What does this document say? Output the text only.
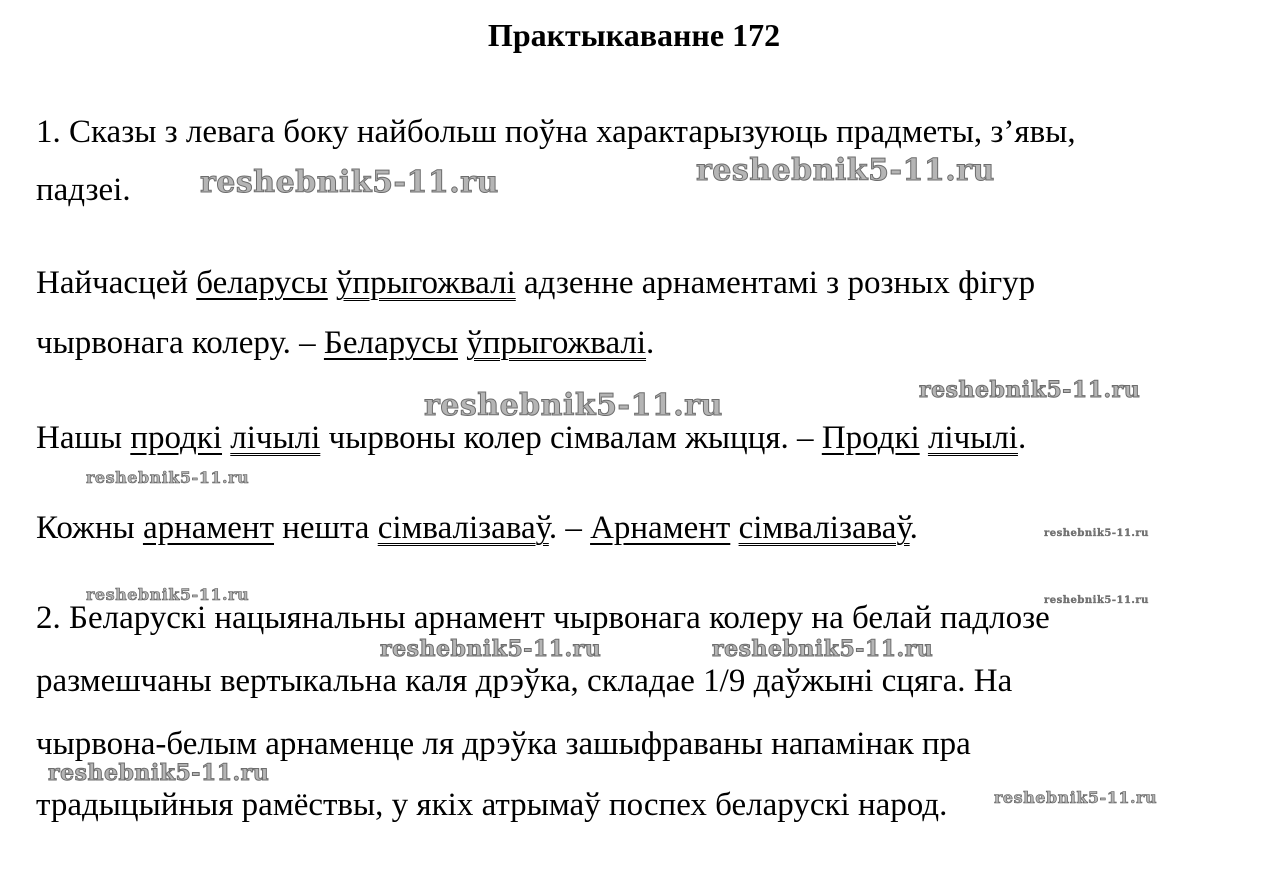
Практыкаванне 172
1. Сказы з левага боку найбольш поўна характарызуюць прадметы, з’явы,
падзеі.
Найчасцей беларусы ўпрыгожвалі адзенне арнаментамі з розных фігур
чырвонага колеру. – Беларусы ўпрыгожвалі.
Нашы продкі лічылі чырвоны колер сімвалам жыцця. – Продкі лічылі.
Кожны арнамент нешта сімвалізаваў. – Арнамент сімвалізаваў.
2. Беларускі нацыянальны арнамент чырвонага колеру на белай падлозе
размешчаны вертыкальна каля дрэўка, складае 1/9 даўжыні сцяга. На
чырвона-белым арнаменце ля дрэўка зашыфраваны напамінак пра
традыцыйныя рамёствы, у якіх атрымаў поспех беларускі народ.
reshebnik5-11.ru	reshebnik5-11.ru
reshebnik5-11.ru	reshebnik5-11.ru
reshebnik5-11.ru
reshebnik5-11.ru
reshebnik5-11.ru	reshebnik5-11.ru
reshebnik5-11.ru	reshebnik5-11.ru
reshebnik5-11.ru
reshebnik5-11.ru
